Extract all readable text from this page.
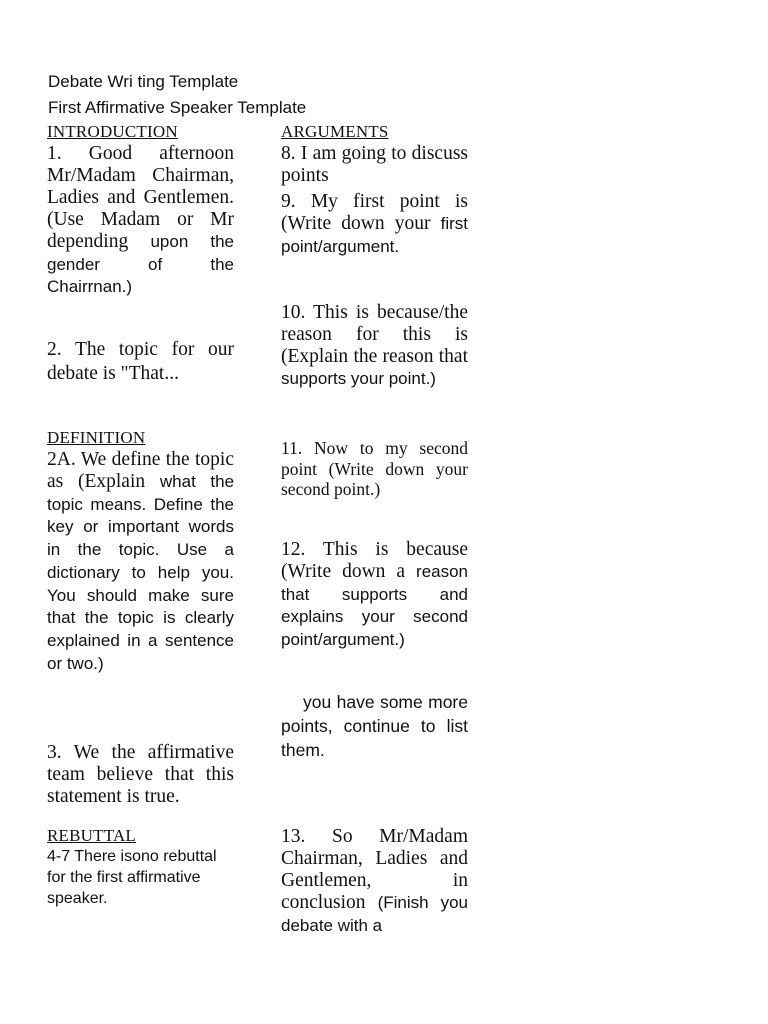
Debate Wri ting Template
First Affirmative Speaker Template
INTRODUCTION

1. Good afternoon Mr/Madam Chairman, Ladies and Gentlemen. (Use Madam or Mr depending upon the gender of the Chairrnan.)

2. The topic for our debate is "That...

DEFINITION

2A. We define the topic as (Explain what the topic means. Define the key or important words in the topic. Use a dictionary to help you. You should make sure that the topic is clearly explained in a sentence or two.)

3. We the affirmative team believe that this statement is true.

REBUTTAL

4-7 There isono rebuttal for the first affirmative speaker.

ARGUMENTS

8. I am going to discuss points

9. My first point is (Write down your first point/argument.

10. This is because/the reason for this is (Explain the reason that supports your point.)

11. Now to my second point (Write down your second point.)

12. This is because (Write down a reason that supports and explains your second point/argument.)

you have some more points, continue to list them.

13. So Mr/Madam Chairman, Ladies and Gentlemen, in conclusion (Finish you debate with a
